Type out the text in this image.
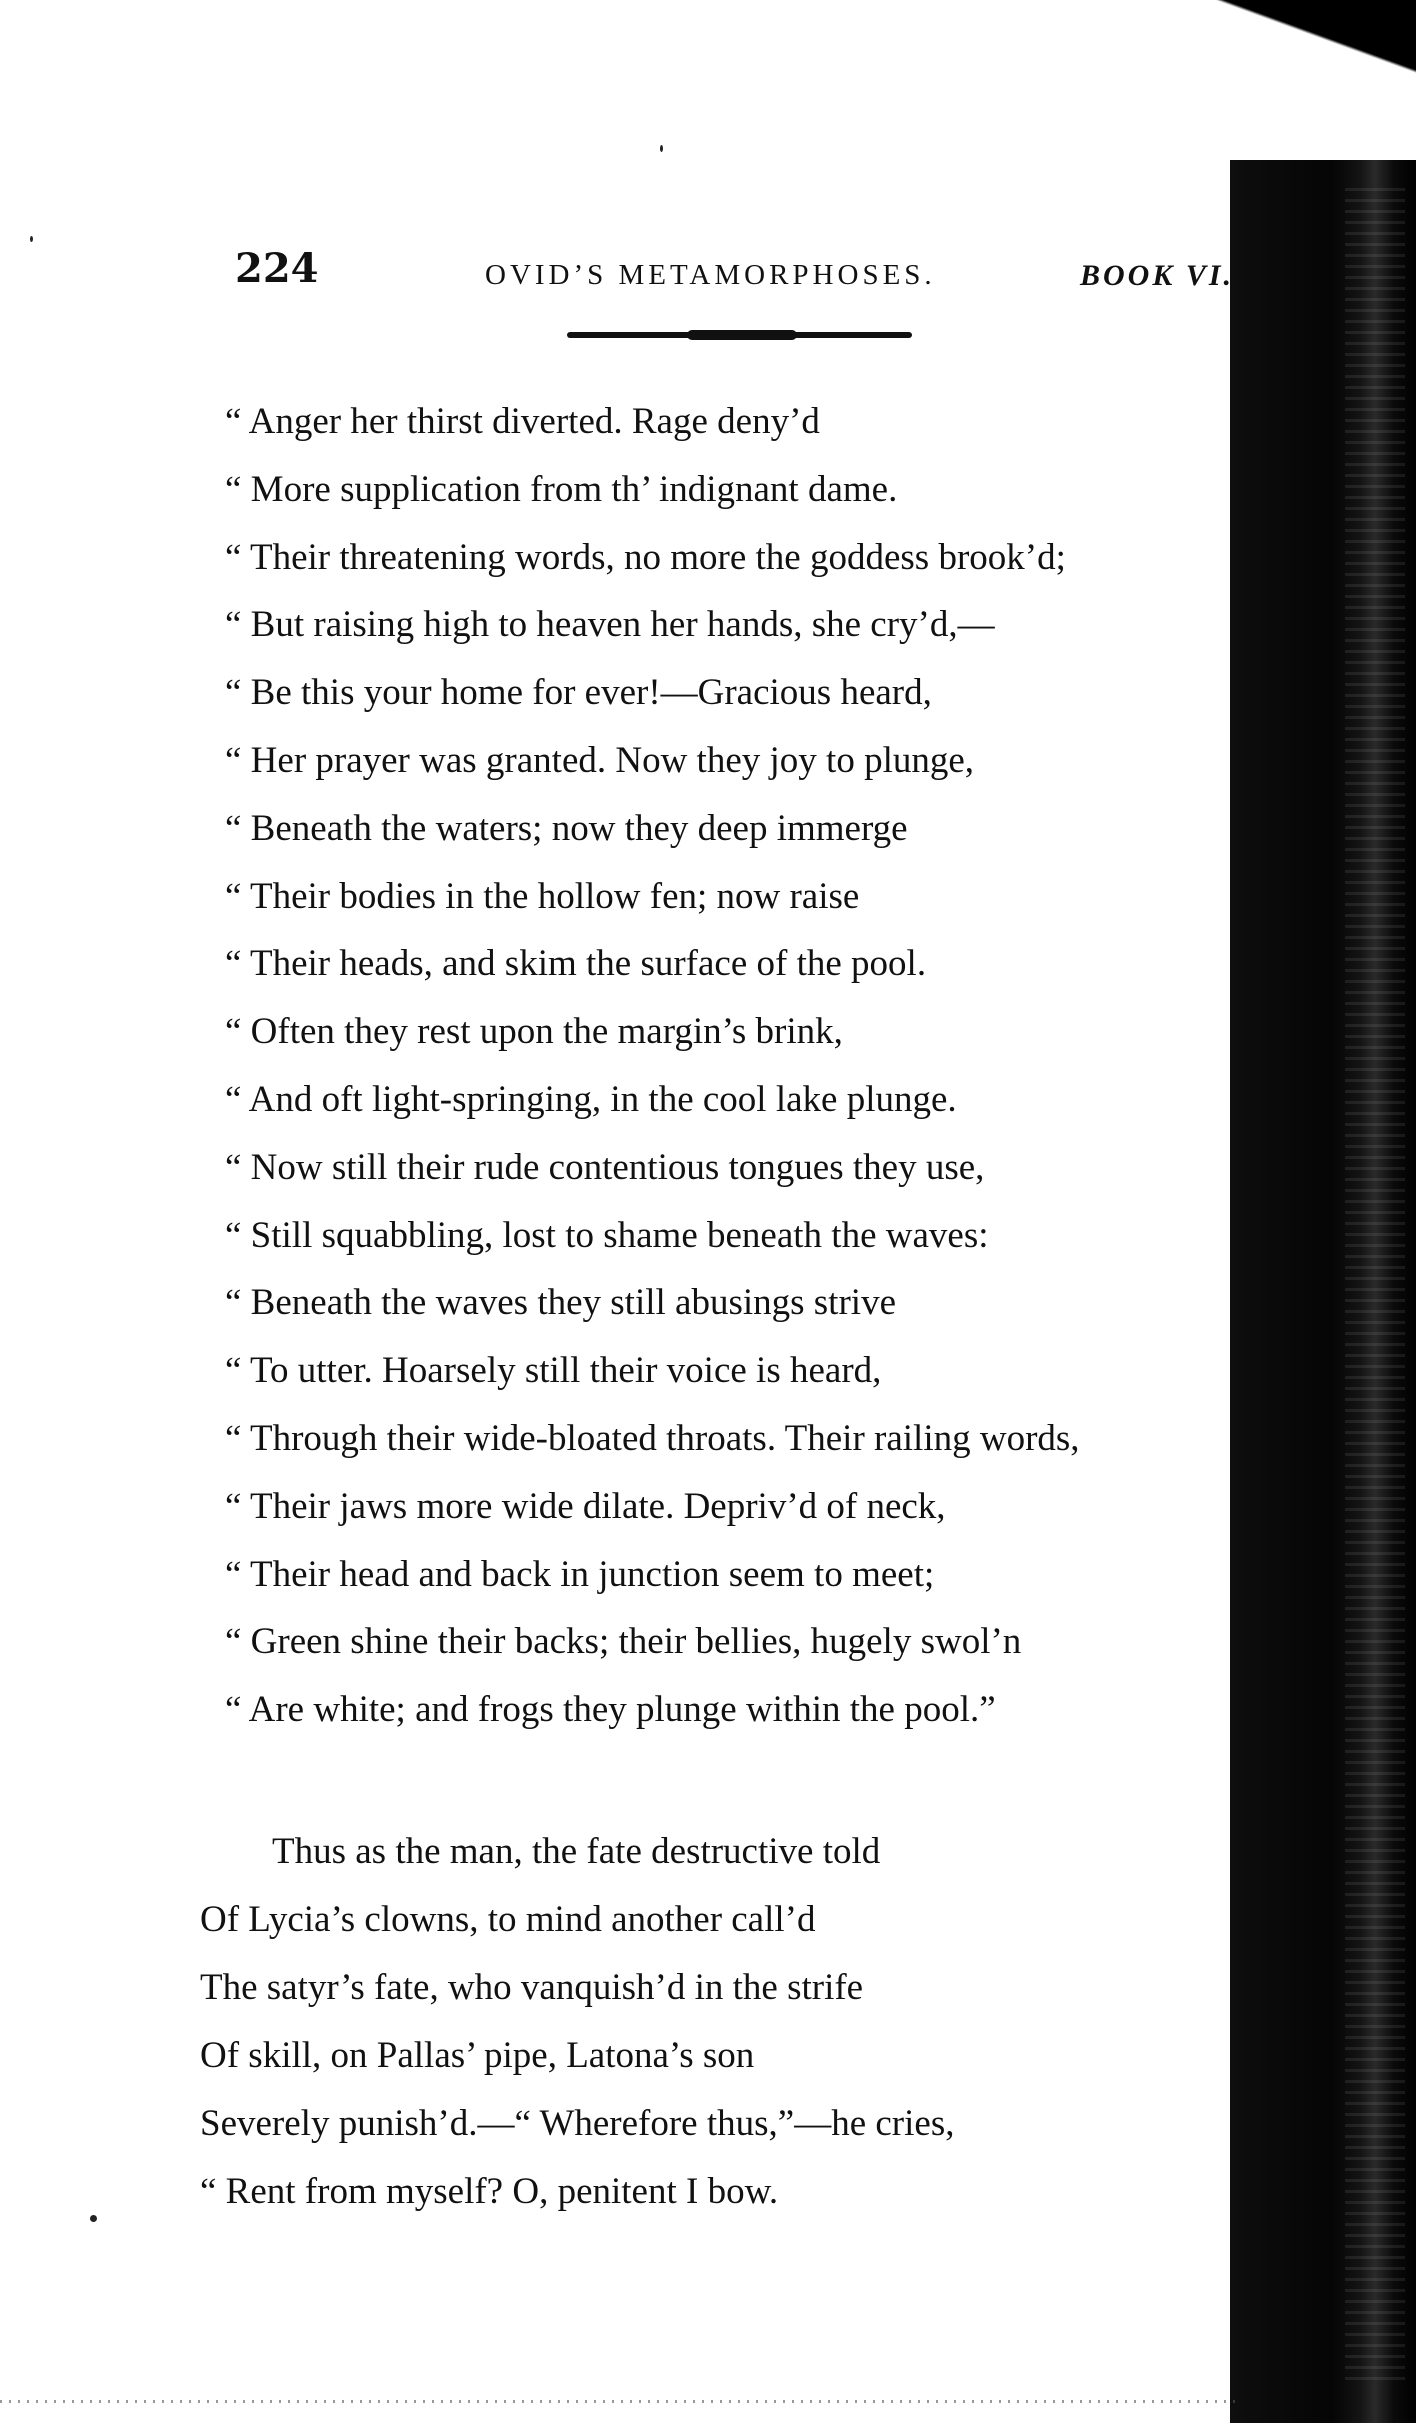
224	OVID’S METAMORPHOSES.	BOOK VI.
“ Anger her thirst diverted. Rage deny’d
“ More supplication from th’ indignant dame.
“ Their threatening words, no more the goddess brook’d;
“ But raising high to heaven her hands, she cry’d,—
“ Be this your home for ever!—Gracious heard,
“ Her prayer was granted. Now they joy to plunge,
“ Beneath the waters; now they deep immerge
“ Their bodies in the hollow fen; now raise
“ Their heads, and skim the surface of the pool.
“ Often they rest upon the margin’s brink,
“ And oft light-springing, in the cool lake plunge.
“ Now still their rude contentious tongues they use,
“ Still squabbling, lost to shame beneath the waves:
“ Beneath the waves they still abusings strive
“ To utter. Hoarsely still their voice is heard,
“ Through their wide-bloated throats. Their railing words,
“ Their jaws more wide dilate. Depriv’d of neck,
“ Their head and back in junction seem to meet;
“ Green shine their backs; their bellies, hugely swol’n
“ Are white; and frogs they plunge within the pool.”
Thus as the man, the fate destructive told
Of Lycia’s clowns, to mind another call’d
The satyr’s fate, who vanquish’d in the strife
Of skill, on Pallas’ pipe, Latona’s son
Severely punish’d.—“ Wherefore thus,”—he cries,
“ Rent from myself? O, penitent I bow.
